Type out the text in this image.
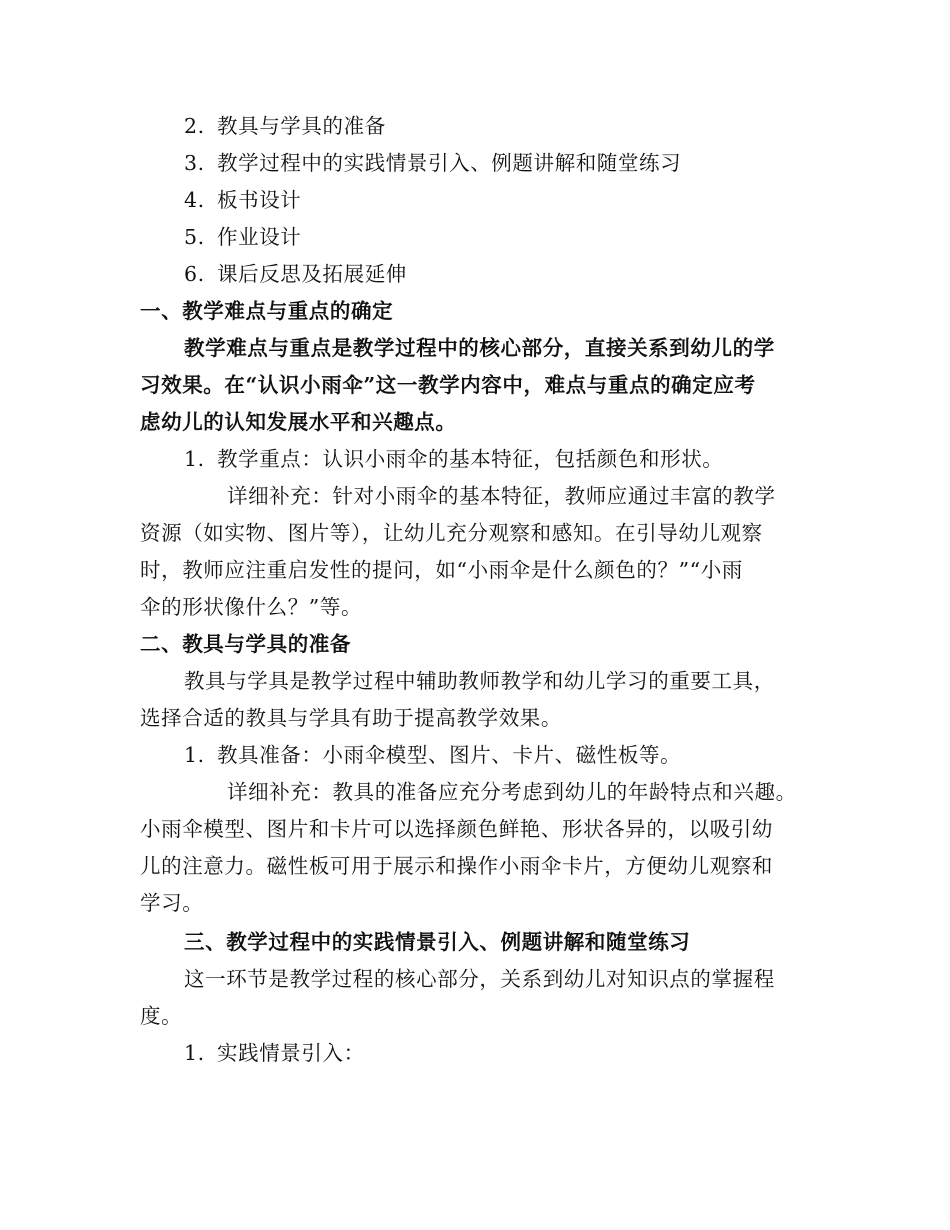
2. 教具与学具的准备
3. 教学过程中的实践情景引入、例题讲解和随堂练习
4. 板书设计
5. 作业设计
6. 课后反思及拓展延伸
一、教学难点与重点的确定
教学难点与重点是教学过程中的核心部分，直接关系到幼儿的学
习效果。在“认识小雨伞”这一教学内容中，难点与重点的确定应考
虑幼儿的认知发展水平和兴趣点。
1. 教学重点：认识小雨伞的基本特征，包括颜色和形状。
详细补充：针对小雨伞的基本特征，教师应通过丰富的教学
资源（如实物、图片等），让幼儿充分观察和感知。在引导幼儿观察
时，教师应注重启发性的提问，如“小雨伞是什么颜色的？”“小雨
伞的形状像什么？”等。
二、教具与学具的准备
教具与学具是教学过程中辅助教师教学和幼儿学习的重要工具，
选择合适的教具与学具有助于提高教学效果。
1. 教具准备：小雨伞模型、图片、卡片、磁性板等。
详细补充：教具的准备应充分考虑到幼儿的年龄特点和兴趣。
小雨伞模型、图片和卡片可以选择颜色鲜艳、形状各异的，以吸引幼
儿的注意力。磁性板可用于展示和操作小雨伞卡片，方便幼儿观察和
学习。
三、教学过程中的实践情景引入、例题讲解和随堂练习
这一环节是教学过程的核心部分，关系到幼儿对知识点的掌握程
度。
1. 实践情景引入：
